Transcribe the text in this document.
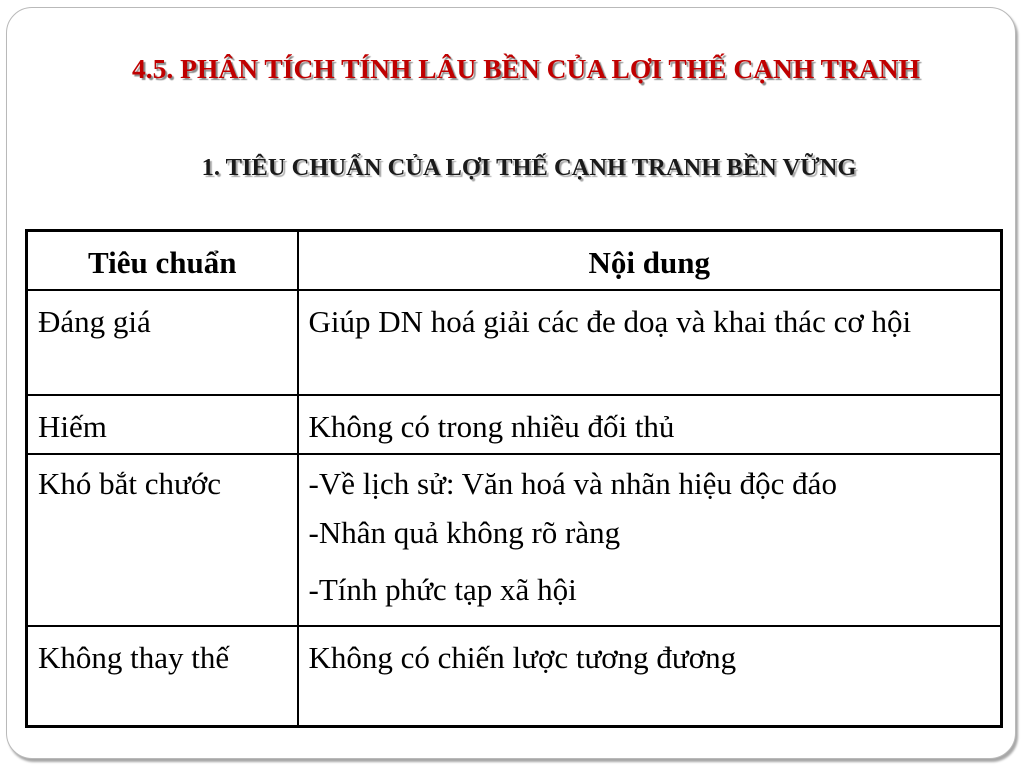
4.5. PHÂN TÍCH TÍNH LÂU BỀN CỦA LỢI THẾ CẠNH TRANH
1. TIÊU CHUẨN CỦA LỢI THẾ CẠNH TRANH BỀN VỮNG
Tiêu chuẩn	Nội dung
Đáng giá	Giúp DN hoá giải các đe doạ và khai thác cơ hội

Hiếm	Không có trong nhiều đối thủ

Khó bắt chước	-Về lịch sử: Văn hoá và nhãn hiệu độc đáo
-Nhân quả không rõ ràng
-Tính phức tạp xã hội

Không thay thế	Không có chiến lược tương đương
